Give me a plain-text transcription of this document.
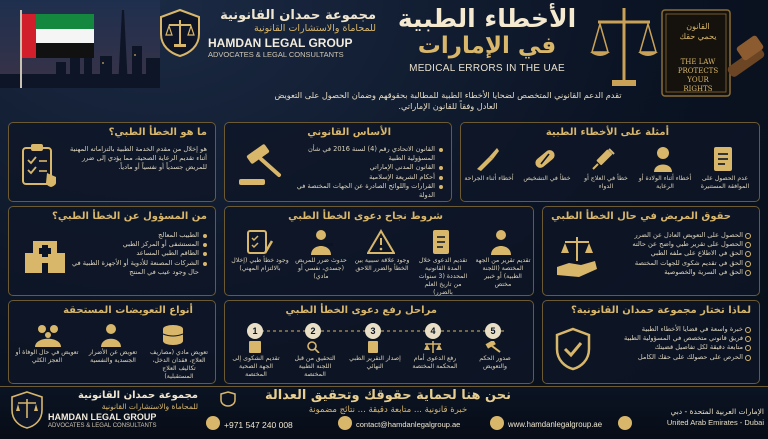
مجموعة حمدان القانونية
للمحاماة والاستشارات القانونية
HAMDAN LEGAL GROUP
ADVOCATES & LEGAL CONSULTANTS
الأخطاء الطبية
في الإمارات
MEDICAL ERRORS IN THE UAE
القانون
يحمي حقك
THE LAW
PROTECTS YOUR
RIGHTS
تقدم الدعم القانوني المتخصص لضحايا الأخطاء الطبية للمطالبة بحقوقهم وضمان الحصول على التعويض العادل وفقاً للقانون الإماراتي.
ما هو الخطأ الطبي؟
هو إخلال من مقدم الخدمة الطبية بالتزاماته المهنية أثناء تقديم الرعاية الصحية، مما يؤدي إلى ضرر للمريض جسدياً أو نفسياً أو مادياً.
الأساس القانوني
القانون الاتحادي رقم (4) لسنة 2016 في شأن المسؤولية الطبية
القانون المدني الإماراتي
أحكام الشريعة الإسلامية
القرارات واللوائح الصادرة عن الجهات المختصة في الدولة
أمثلة على الأخطاء الطبية
عدم الحصول على الموافقة المستنيرة
أخطاء أثناء الولادة أو الرعاية
خطأ في العلاج أو الدواء
خطأ في التشخيص
أخطاء أثناء الجراحة
من المسؤول عن الخطأ الطبي؟
الطبيب المعالج
المستشفى أو المركز الطبي
الطاقم الطبي المساعد
الشركات المصنعة للأدوية أو الأجهزة الطبية في حال وجود عيب في المنتج
شروط نجاح دعوى الخطأ الطبي
تقديم تقرير من الجهة المختصة (اللجنة الطبية) أو خبير مختص
تقديم الدعوى خلال المدة القانونية المحددة (3 سنوات من تاريخ العلم بالضرر)
وجود علاقة سببية بين الخطأ والضرر اللاحق
حدوث ضرر للمريض (جسدي، نفسي أو مادي)
وجود خطأ طبي (إخلال بالالتزام المهني)
حقوق المريض في حال الخطأ الطبي
الحصول على التعويض العادل عن الضرر
الحصول على تقرير طبي واضح عن حالته
الحق في الاطلاع على ملفه الطبي
الحق في تقديم شكوى للجهات المختصة
الحق في السرية والخصوصية
أنواع التعويضات المستحقة
تعويض مادي (مصاريف العلاج، فقدان الدخل، تكاليف العلاج المستقبلية)
تعويض عن الأضرار الجسدية والنفسية
تعويض في حال الوفاة أو العجز الكلي
مراحل رفع دعوى الخطأ الطبي
1	2	3	4	5
تقديم الشكوى إلى الجهة الصحية المختصة
التحقيق من قبل اللجنة الطبية المختصة
إصدار التقرير الطبي النهائي
رفع الدعوى أمام المحكمة المختصة
صدور الحكم والتعويض
لماذا تختار مجموعة حمدان القانونية؟
خبرة واسعة في قضايا الأخطاء الطبية
فريق قانوني متخصص في المسؤولية الطبية
متابعة دقيقة لكل تفاصيل قضيتك
الحرص على حصولك على حقك الكامل
مجموعة حمدان القانونية
للمحاماة والاستشارات القانونية
HAMDAN LEGAL GROUP
ADVOCATES & LEGAL CONSULTANTS
نحن هنا لحماية حقوقك وتحقيق العدالة
خبرة قانونية ... متابعة دقيقة ... نتائج مضمونة
+971 547 240 008	contact@hamdanlegalgroup.ae	www.hamdanlegalgroup.ae
الإمارات العربية المتحدة - دبي
United Arab Emirates - Dubai
